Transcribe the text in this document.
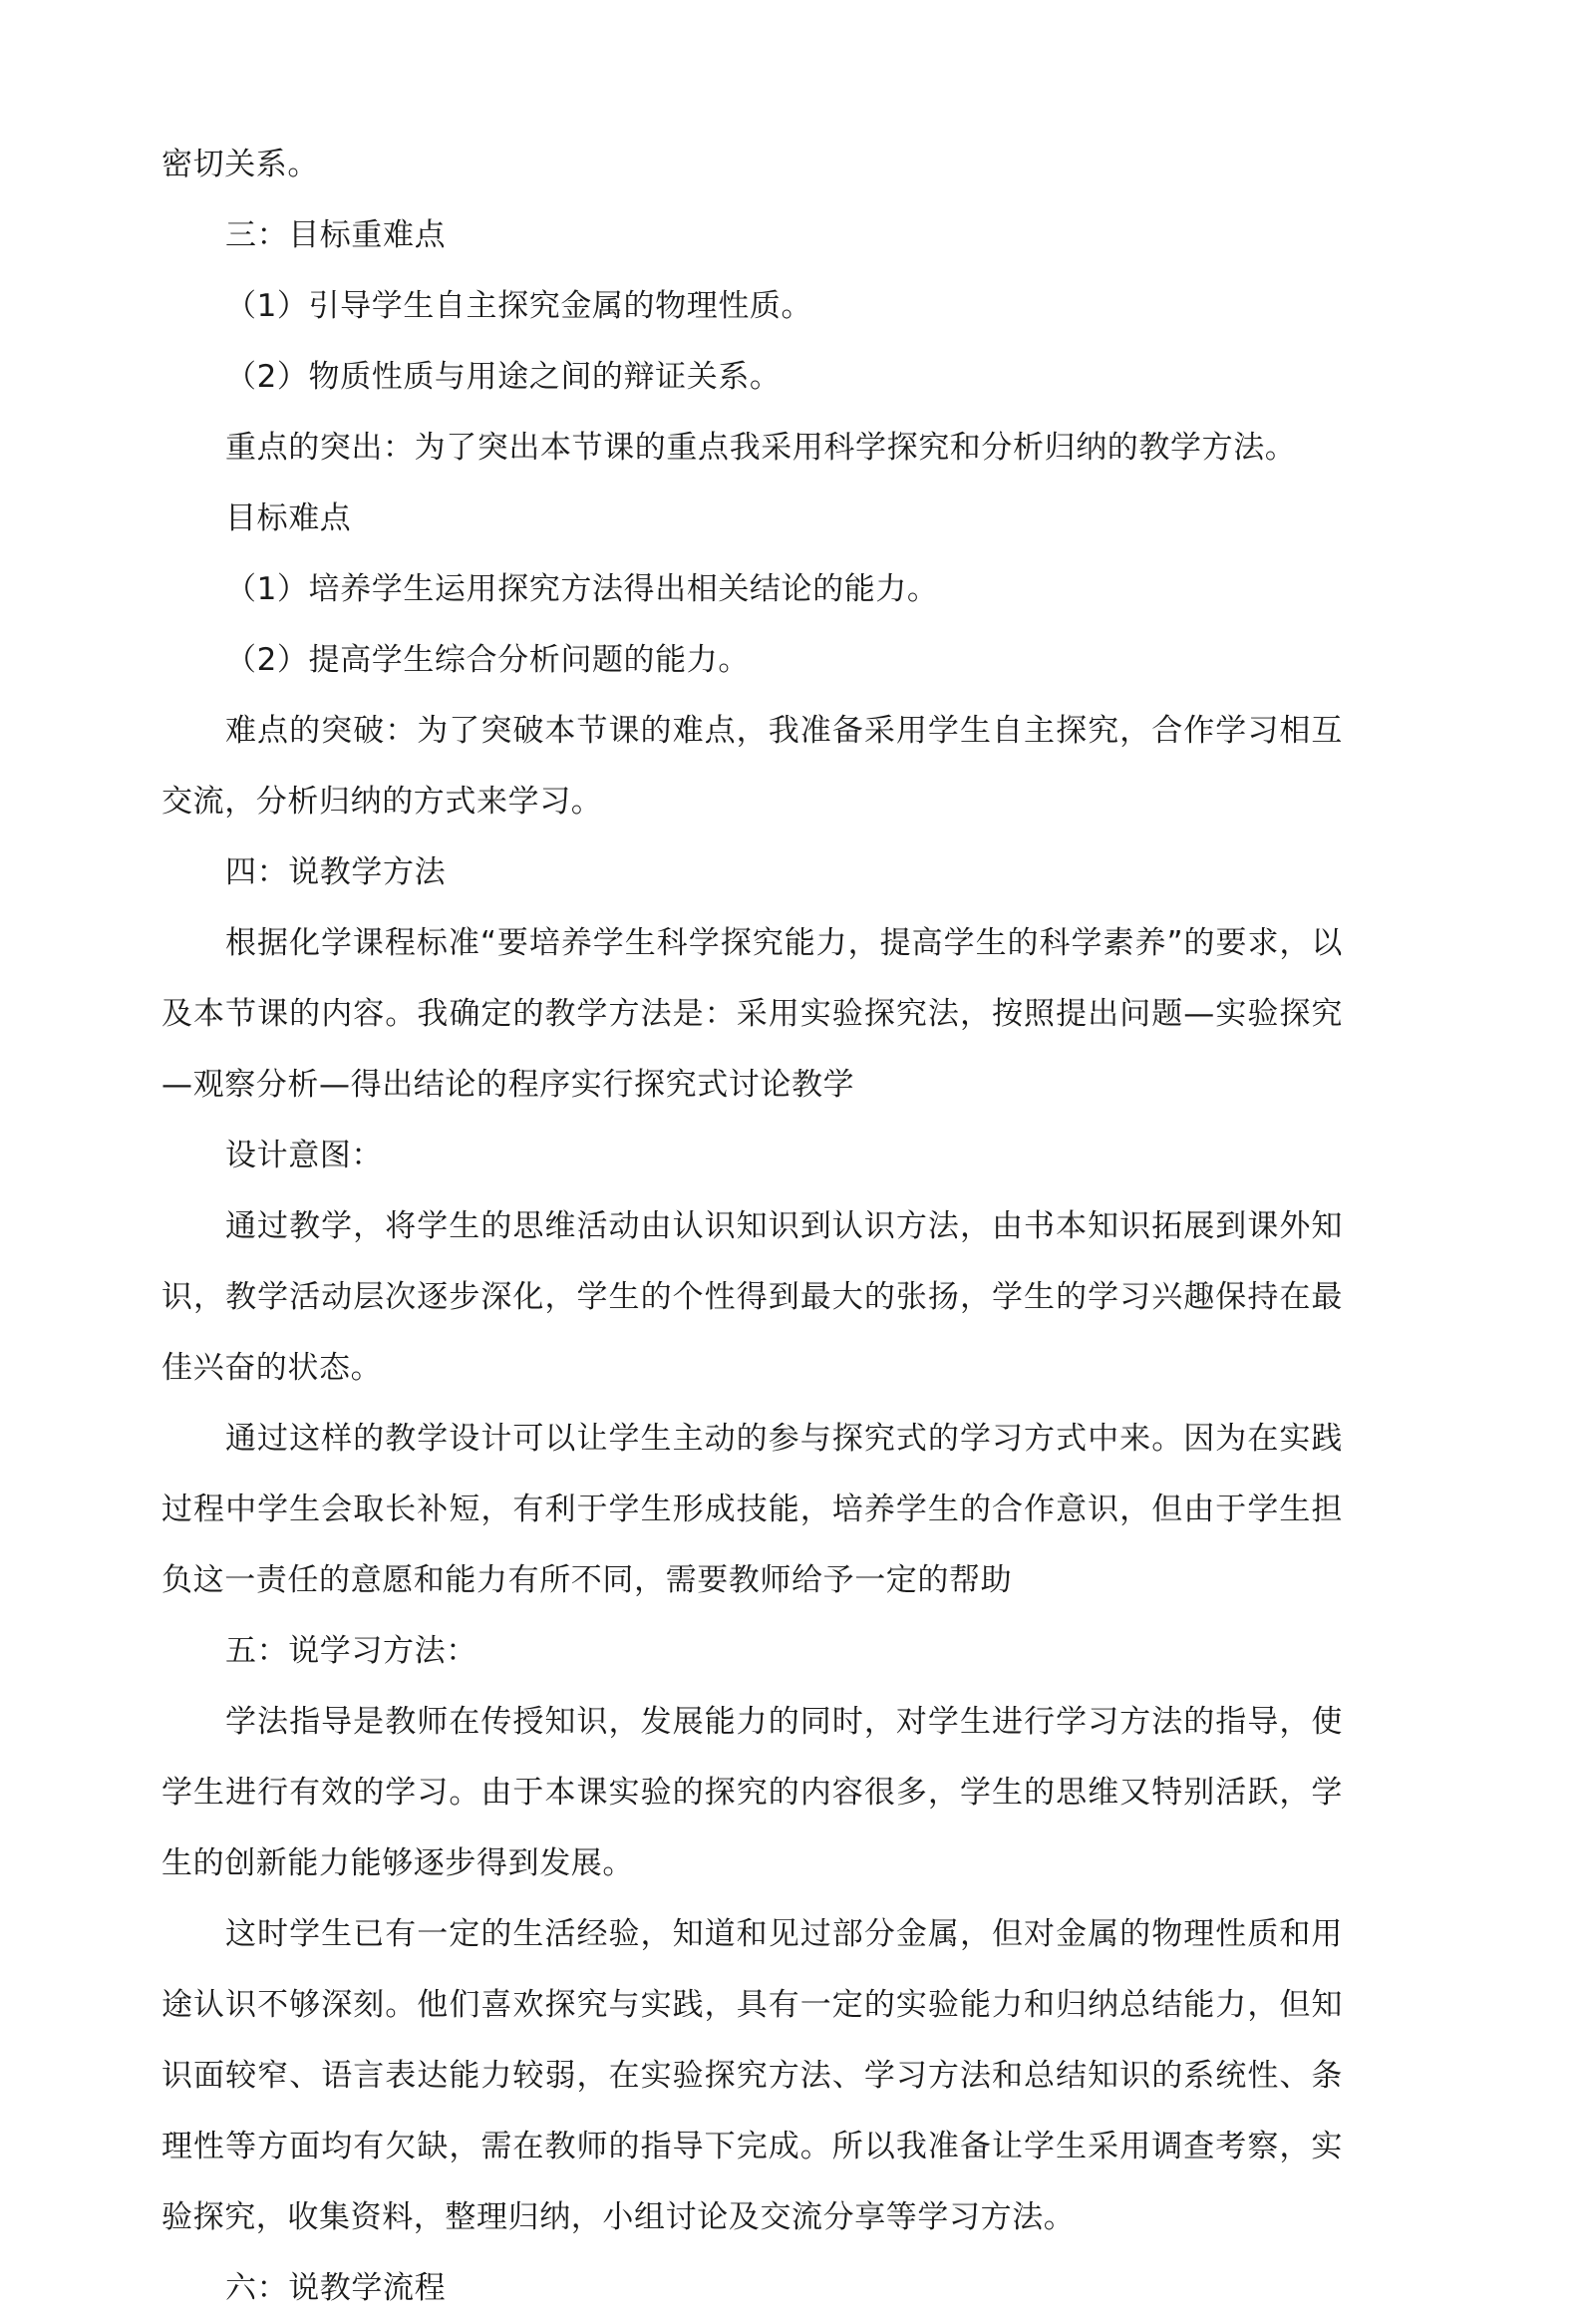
密切关系。

三：目标重难点

（1）引导学生自主探究金属的物理性质。

（2）物质性质与用途之间的辩证关系。

重点的突出：为了突出本节课的重点我采用科学探究和分析归纳的教学方法。

目标难点

（1）培养学生运用探究方法得出相关结论的能力。

（2）提高学生综合分析问题的能力。

难点的突破：为了突破本节课的难点，我准备采用学生自主探究，合作学习相互交流，分析归纳的方式来学习。

四：说教学方法

根据化学课程标准“要培养学生科学探究能力，提高学生的科学素养”的要求，以及本节课的内容。我确定的教学方法是：采用实验探究法，按照提出问题—实验探究—观察分析—得出结论的程序实行探究式讨论教学

设计意图：

通过教学，将学生的思维活动由认识知识到认识方法，由书本知识拓展到课外知识，教学活动层次逐步深化，学生的个性得到最大的张扬，学生的学习兴趣保持在最佳兴奋的状态。

通过这样的教学设计可以让学生主动的参与探究式的学习方式中来。因为在实践过程中学生会取长补短，有利于学生形成技能，培养学生的合作意识，但由于学生担负这一责任的意愿和能力有所不同，需要教师给予一定的帮助

五：说学习方法：

学法指导是教师在传授知识，发展能力的同时，对学生进行学习方法的指导，使学生进行有效的学习。由于本课实验的探究的内容很多，学生的思维又特别活跃，学生的创新能力能够逐步得到发展。

这时学生已有一定的生活经验，知道和见过部分金属，但对金属的物理性质和用途认识不够深刻。他们喜欢探究与实践，具有一定的实验能力和归纳总结能力，但知识面较窄、语言表达能力较弱，在实验探究方法、学习方法和总结知识的系统性、条理性等方面均有欠缺，需在教师的指导下完成。所以我准备让学生采用调查考察，实验探究，收集资料，整理归纳，小组讨论及交流分享等学习方法。

六：说教学流程
